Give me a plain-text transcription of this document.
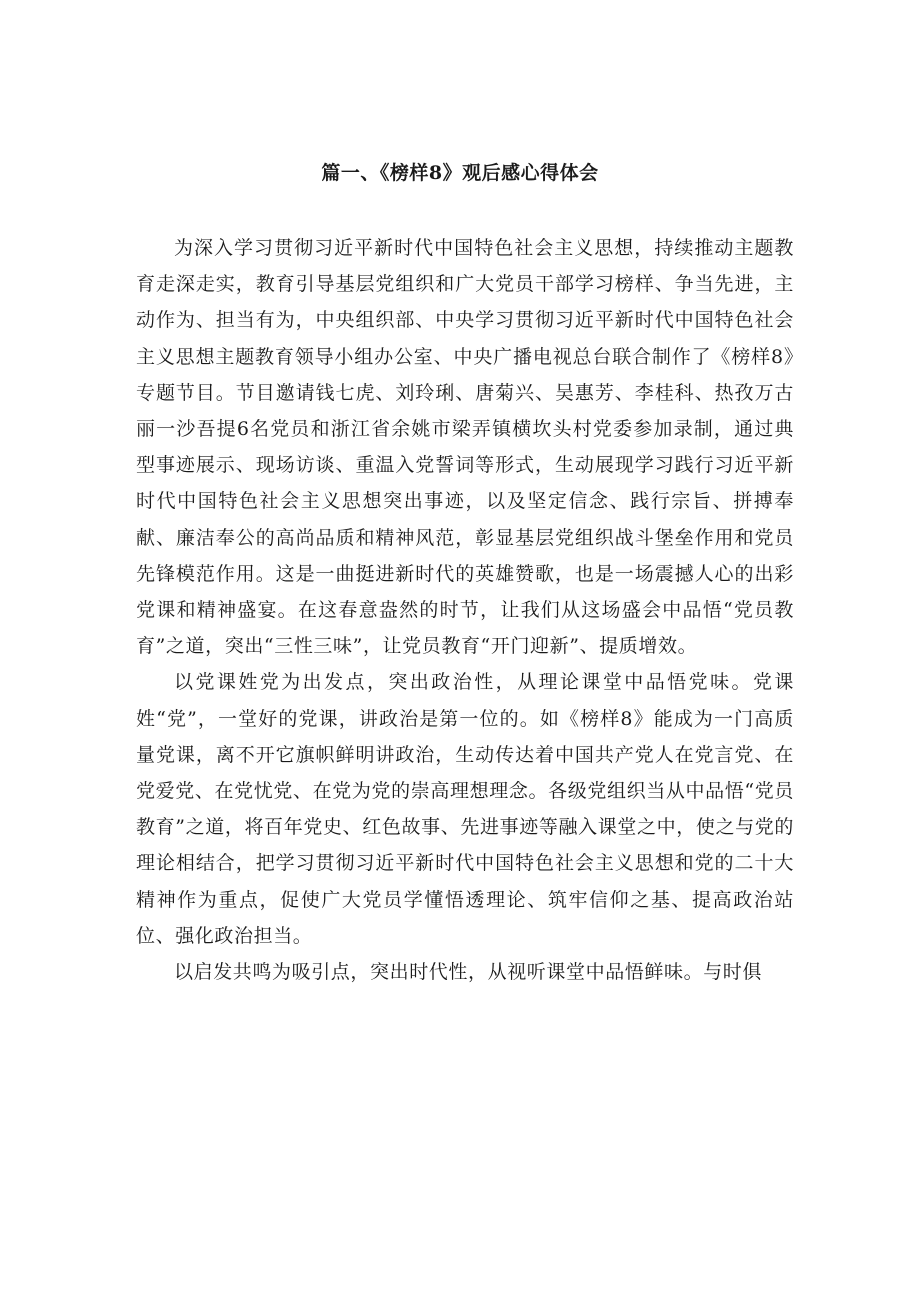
篇一、《榜样8》观后感心得体会

为深入学习贯彻习近平新时代中国特色社会主义思想，持续推动主题教育走深走实，教育引导基层党组织和广大党员干部学习榜样、争当先进，主动作为、担当有为，中央组织部、中央学习贯彻习近平新时代中国特色社会主义思想主题教育领导小组办公室、中央广播电视总台联合制作了《榜样8》专题节目。节目邀请钱七虎、刘玲琍、唐菊兴、吴惠芳、李桂科、热孜万古丽一沙吾提6名党员和浙江省余姚市梁弄镇横坎头村党委参加录制，通过典型事迹展示、现场访谈、重温入党誓词等形式，生动展现学习践行习近平新时代中国特色社会主义思想突出事迹，以及坚定信念、践行宗旨、拼搏奉献、廉洁奉公的高尚品质和精神风范，彰显基层党组织战斗堡垒作用和党员先锋模范作用。这是一曲挺进新时代的英雄赞歌，也是一场震撼人心的出彩党课和精神盛宴。在这春意盎然的时节，让我们从这场盛会中品悟“党员教育”之道，突出“三性三味”，让党员教育“开门迎新”、提质增效。

以党课姓党为出发点，突出政治性，从理论课堂中品悟党味。党课姓“党”，一堂好的党课，讲政治是第一位的。如《榜样8》能成为一门高质量党课，离不开它旗帜鲜明讲政治，生动传达着中国共产党人在党言党、在党爱党、在党忧党、在党为党的崇高理想理念。各级党组织当从中品悟“党员教育”之道，将百年党史、红色故事、先进事迹等融入课堂之中，使之与党的理论相结合，把学习贯彻习近平新时代中国特色社会主义思想和党的二十大精神作为重点，促使广大党员学懂悟透理论、筑牢信仰之基、提高政治站位、强化政治担当。

以启发共鸣为吸引点，突出时代性，从视听课堂中品悟鲜味。与时俱
